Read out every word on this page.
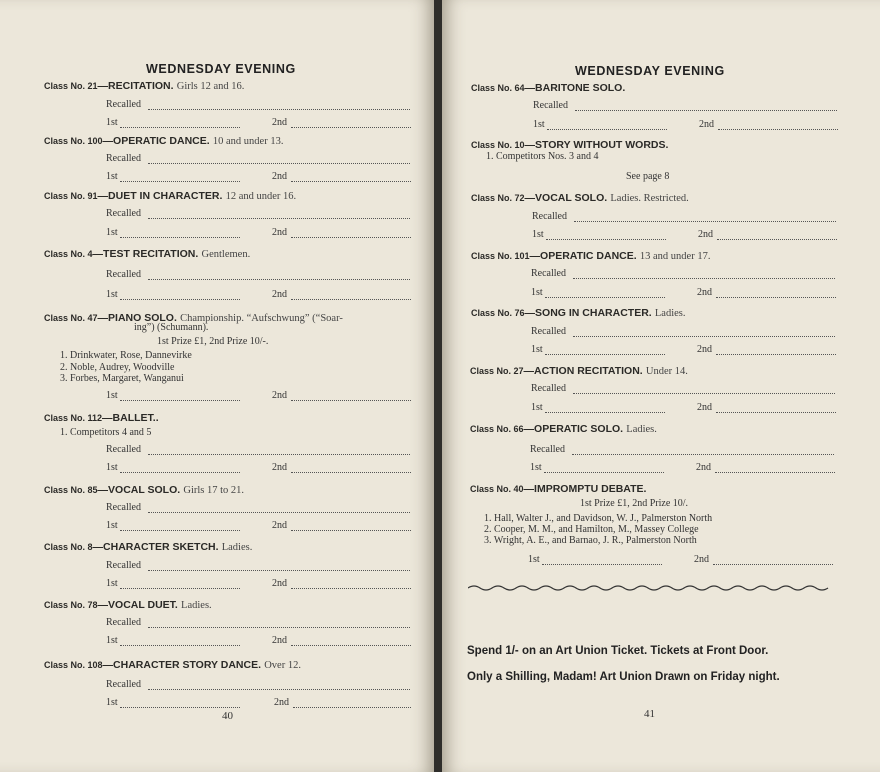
WEDNESDAY EVENING
Class No. 21—RECITATION. Girls 12 and 16.
Recalled
1st	2nd
Class No. 100—OPERATIC DANCE. 10 and under 13.
Recalled
1st	2nd
Class No. 91—DUET IN CHARACTER. 12 and under 16.
Recalled
1st	2nd
Class No. 4—TEST RECITATION. Gentlemen.
Recalled
1st	2nd
Class No. 47—PIANO SOLO. Championship. “Aufschwung” (“Soar-
ing”) (Schumann).
1st Prize £1, 2nd Prize 10/-.
1. Drinkwater, Rose, Dannevirke
2. Noble, Audrey, Woodville
3. Forbes, Margaret, Wanganui
1st	2nd
Class No. 112—BALLET..
1. Competitors 4 and 5
Recalled
1st	2nd
Class No. 85—VOCAL SOLO. Girls 17 to 21.
Recalled
1st	2nd
Class No. 8—CHARACTER SKETCH. Ladies.
Recalled
1st	2nd
Class No. 78—VOCAL DUET. Ladies.
Recalled
1st	2nd
Class No. 108—CHARACTER STORY DANCE. Over 12.
Recalled
1st	2nd
40
WEDNESDAY EVENING
Class No. 64—BARITONE SOLO.
Recalled
1st	2nd
Class No. 10—STORY WITHOUT WORDS.
1. Competitors Nos. 3 and 4
See page 8
Class No. 72—VOCAL SOLO. Ladies. Restricted.
Recalled
1st	2nd
Class No. 101—OPERATIC DANCE. 13 and under 17.
Recalled
1st	2nd
Class No. 76—SONG IN CHARACTER. Ladies.
Recalled
1st	2nd
Class No. 27—ACTION RECITATION. Under 14.
Recalled
1st	2nd
Class No. 66—OPERATIC SOLO. Ladies.
Recalled
1st	2nd
Class No. 40—IMPROMPTU DEBATE.
1st Prize £1, 2nd Prize 10/.
1. Hall, Walter J., and Davidson, W. J., Palmerston North
2. Cooper, M. M., and Hamilton, M., Massey College
3. Wright, A. E., and Barnao, J. R., Palmerston North
1st	2nd
Spend 1/- on an Art Union Ticket. Tickets at Front Door.
Only a Shilling, Madam! Art Union Drawn on Friday night.
41
